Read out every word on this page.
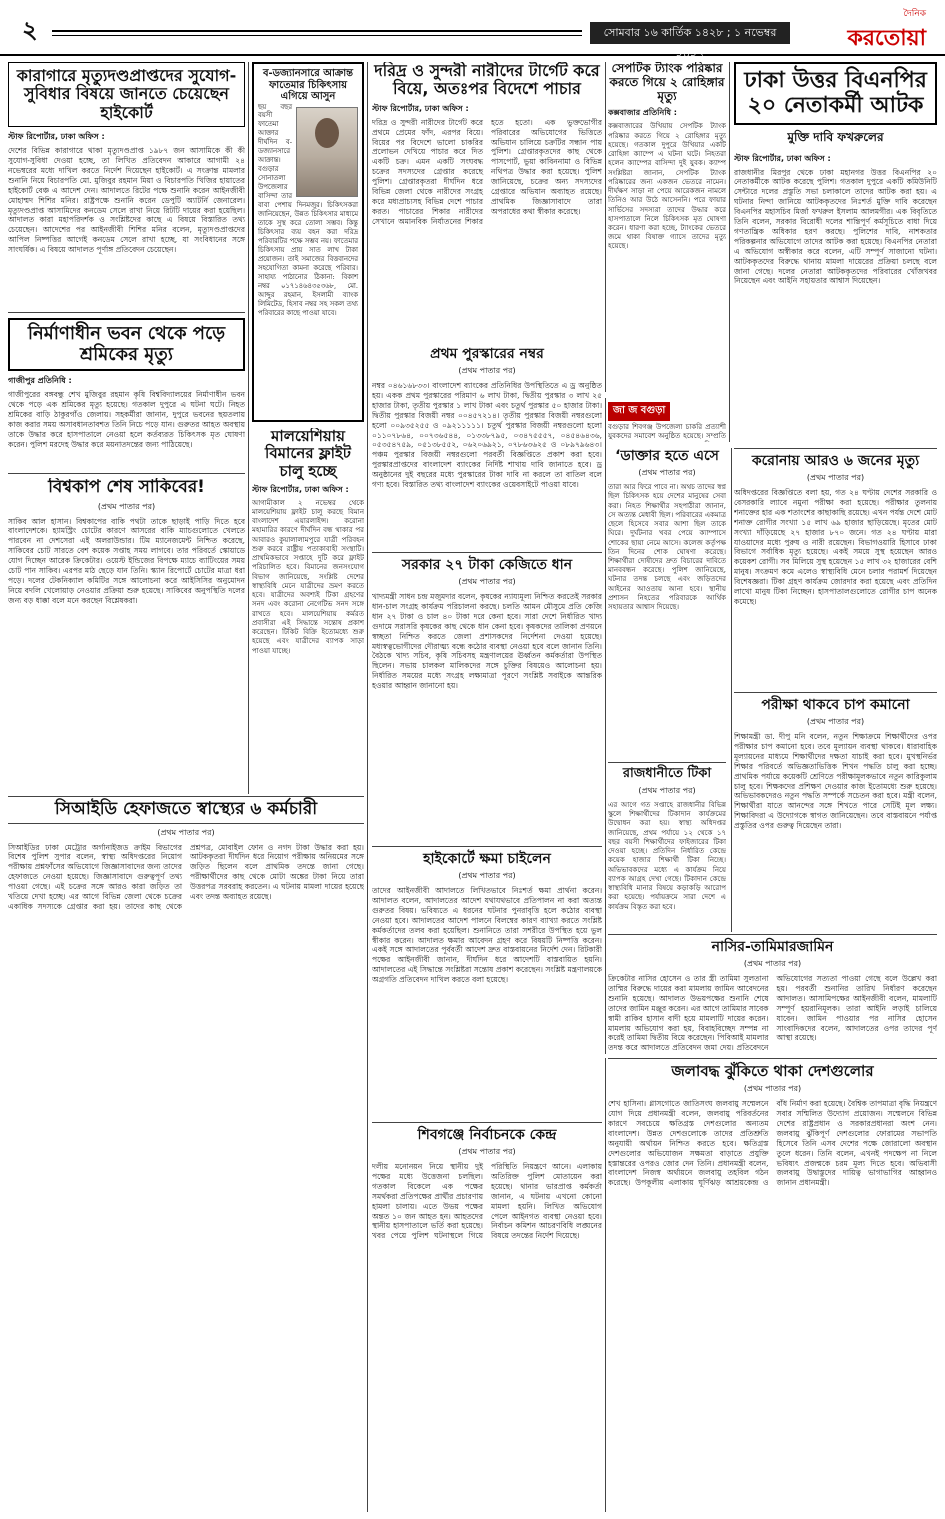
২	সোমবার ১৬ কার্তিক ১৪২৮ ; ১ নভেম্বর ২০২১
দৈনিক
করতোয়া
কারাগারে মৃত্যুদণ্ডপ্রাপ্তদের সুযোগ-সুবিধার বিষয়ে জানতে চেয়েছেন হাইকোর্ট
স্টাফ রিপোর্টার, ঢাকা অফিস :
দেশের বিভিন্ন কারাগারে থাকা মৃত্যুদণ্ডপ্রাপ্ত ১৯৮৭ জন আসামিকে কী কী সুযোগ-সুবিধা দেওয়া হচ্ছে, তা লিখিত প্রতিবেদন আকারে আগামী ২৪ নভেম্বরের মধ্যে দাখিল করতে নির্দেশ দিয়েছেন হাইকোর্ট। এ সংক্রান্ত মামলার শুনানি নিয়ে বিচারপতি মো. মুজিবুর রহমান মিয়া ও বিচারপতি খিজির হায়াতের হাইকোর্ট বেঞ্চ এ আদেশ দেন। আদালতে রিটের পক্ষে শুনানি করেন আইনজীবী মোহাম্মদ শিশির মনির। রাষ্ট্রপক্ষে শুনানি করেন ডেপুটি অ্যাটর্নি জেনারেল। মৃত্যুদণ্ডপ্রাপ্ত আসামিদের কনডেম সেলে রাখা নিয়ে রিটটি দায়ের করা হয়েছিল। আদালত কারা মহাপরিদর্শক ও সংশ্লিষ্টদের কাছে এ বিষয়ে বিস্তারিত তথ্য চেয়েছেন। আদেশের পর আইনজীবী শিশির মনির বলেন, মৃত্যুদণ্ডপ্রাপ্তদের আপিল নিষ্পত্তির আগেই কনডেম সেলে রাখা হচ্ছে, যা সংবিধানের সঙ্গে সাংঘর্ষিক। এ বিষয়ে আদালত পূর্ণাঙ্গ প্রতিবেদন চেয়েছেন।
নির্মাণাধীন ভবন থেকে পড়ে শ্রমিকের মৃত্যু
গাজীপুর প্রতিনিধি :
গাজীপুরের বঙ্গবন্ধু শেখ মুজিবুর রহমান কৃষি বিশ্ববিদ্যালয়ের নির্মাণাধীন ভবন থেকে পড়ে এক শ্রমিকের মৃত্যু হয়েছে। গতকাল দুপুরে এ ঘটনা ঘটে। নিহত শ্রমিকের বাড়ি ঠাকুরগাঁও জেলায়। সহকর্মীরা জানান, দুপুরে ভবনের ছয়তলায় কাজ করার সময় অসাবধানতাবশত তিনি নিচে পড়ে যান। গুরুতর আহত অবস্থায় তাকে উদ্ধার করে হাসপাতালে নেওয়া হলে কর্তব্যরত চিকিৎসক মৃত ঘোষণা করেন। পুলিশ মরদেহ উদ্ধার করে ময়নাতদন্তের জন্য পাঠিয়েছে।
বিশ্বকাপ শেষ সাকিবের!
(প্রথম পাতার পর)
সাকিব আল হাসান। বিশ্বকাপের বাকি পথটা তাকে ছাড়াই পাড়ি দিতে হবে বাংলাদেশকে। হ্যামস্ট্রিং চোটের কারণে আসরের বাকি ম্যাচগুলোতে খেলতে পারবেন না দেশসেরা এই অলরাউন্ডার। টিম ম্যানেজমেন্ট নিশ্চিত করেছে, সাকিবের চোট সারতে বেশ কয়েক সপ্তাহ সময় লাগবে। তার পরিবর্তে স্কোয়াডে যোগ দিচ্ছেন আরেক ক্রিকেটার। ওয়েস্ট ইন্ডিজের বিপক্ষে ম্যাচে ব্যাটিংয়ের সময় চোট পান সাকিব। এরপর মাঠ ছেড়ে যান তিনি। স্ক্যান রিপোর্টে চোটের মাত্রা ধরা পড়ে। দলের টেকনিক্যাল কমিটির সঙ্গে আলোচনা করে আইসিসির অনুমোদন নিয়ে বদলি খেলোয়াড় নেওয়ার প্রক্রিয়া শুরু হয়েছে। সাকিবের অনুপস্থিতি দলের জন্য বড় ধাক্কা বলে মনে করছেন বিশ্লেষকরা।
সিআইডি হেফাজতে স্বাস্থ্যের ৬ কর্মচারী
(প্রথম পাতার পর)
সিআইডির ঢাকা মেট্রোর অর্গানাইজড ক্রাইম বিভাগের বিশেষ পুলিশ সুপার বলেন, স্বাস্থ্য অধিদপ্তরের নিয়োগ পরীক্ষায় প্রশ্নফাঁসের অভিযোগে জিজ্ঞাসাবাদের জন্য তাদের হেফাজতে নেওয়া হয়েছে। জিজ্ঞাসাবাদে গুরুত্বপূর্ণ তথ্য পাওয়া গেছে। এই চক্রের সঙ্গে আরও কারা জড়িত তা খতিয়ে দেখা হচ্ছে। এর আগে বিভিন্ন জেলা থেকে চক্রের একাধিক সদস্যকে গ্রেপ্তার করা হয়। তাদের কাছ থেকে প্রশ্নপত্র, মোবাইল ফোন ও নগদ টাকা উদ্ধার করা হয়। আটককৃতরা দীর্ঘদিন ধরে নিয়োগ পরীক্ষায় অনিয়মের সঙ্গে জড়িত ছিলেন বলে প্রাথমিক তদন্তে জানা গেছে। পরীক্ষার্থীদের কাছ থেকে মোটা অঙ্কের টাকা নিয়ে তারা উত্তরপত্র সরবরাহ করতেন। এ ঘটনায় মামলা দায়ের হয়েছে এবং তদন্ত অব্যাহত রয়েছে।
ব-ডজ্যানসারে আক্রান্ত ফাতেমার চিকিৎসায় এগিয়ে আসুন
ছয় বছর বয়সী ফাতেমা আক্তার দীর্ঘদিন ব-ডজ্যানসারে আক্রান্ত। বগুড়ার সোনাতলা উপজেলার বাসিন্দা তার বাবা পেশায় দিনমজুর। চিকিৎসকরা জানিয়েছেন, উন্নত চিকিৎসার মাধ্যমে তাকে সুস্থ করে তোলা সম্ভব। কিন্তু চিকিৎসার ব্যয় বহন করা দরিদ্র পরিবারটির পক্ষে সম্ভব নয়। ফাতেমার চিকিৎসায় প্রায় সাত লাখ টাকা প্রয়োজন। তাই সমাজের বিত্তবানদের সহযোগিতা কামনা করেছে পরিবার। সাহায্য পাঠানোর ঠিকানা: বিকাশ নম্বর ০১৭১৪৬৪৩৫৩৬৮, মো. আব্দুর রহমান, ইসলামী ব্যাংক লিমিটেড, হিসাব নম্বর সহ সকল তথ্য পরিবারের কাছে পাওয়া যাবে।
মালয়েশিয়ায় বিমানের ফ্লাইট চালু হচ্ছে
স্টাফ রিপোর্টার, ঢাকা অফিস :
আগামীকাল ২ নভেম্বর থেকে মালয়েশিয়ায় ফ্লাইট চালু করছে বিমান বাংলাদেশ এয়ারলাইন্স। করোনা মহামারির কারণে দীর্ঘদিন বন্ধ থাকার পর আবারও কুয়ালালামপুরে যাত্রী পরিবহন শুরু করবে রাষ্ট্রীয় পতাকাবাহী সংস্থাটি। প্রাথমিকভাবে সপ্তাহে দুটি করে ফ্লাইট পরিচালিত হবে। বিমানের জনসংযোগ বিভাগ জানিয়েছে, সংশ্লিষ্ট দেশের স্বাস্থ্যবিধি মেনে যাত্রীদের ভ্রমণ করতে হবে। যাত্রীদের অবশ্যই টিকা গ্রহণের সনদ এবং করোনা নেগেটিভ সনদ সঙ্গে রাখতে হবে। মালয়েশিয়ায় কর্মরত প্রবাসীরা এই সিদ্ধান্তে সন্তোষ প্রকাশ করেছেন। টিকিট বিক্রি ইতোমধ্যে শুরু হয়েছে এবং যাত্রীদের ব্যাপক সাড়া পাওয়া যাচ্ছে।
দরিদ্র ও সুন্দরী নারীদের টার্গেট করে বিয়ে, অতঃপর বিদেশে পাচার
স্টাফ রিপোর্টার, ঢাকা অফিস :
দরিদ্র ও সুন্দরী নারীদের টার্গেট করে প্রথমে প্রেমের ফাঁদ, এরপর বিয়ে। বিয়ের পর বিদেশে ভালো চাকরির প্রলোভন দেখিয়ে পাচার করে দিত একটি চক্র। এমন একটি সংঘবদ্ধ চক্রের সদস্যদের গ্রেপ্তার করেছে পুলিশ। গ্রেপ্তারকৃতরা দীর্ঘদিন ধরে বিভিন্ন জেলা থেকে নারীদের সংগ্রহ করে মধ্যপ্রাচ্যসহ বিভিন্ন দেশে পাচার করত। পাচারের শিকার নারীদের সেখানে অমানবিক নির্যাতনের শিকার হতে হতো। এক ভুক্তভোগীর পরিবারের অভিযোগের ভিত্তিতে অভিযান চালিয়ে চক্রটির সন্ধান পায় পুলিশ। গ্রেপ্তারকৃতদের কাছ থেকে পাসপোর্ট, ভুয়া কাবিননামা ও বিভিন্ন নথিপত্র উদ্ধার করা হয়েছে। পুলিশ জানিয়েছে, চক্রের অন্য সদস্যদের গ্রেপ্তারে অভিযান অব্যাহত রয়েছে। প্রাথমিক জিজ্ঞাসাবাদে তারা অপরাধের কথা স্বীকার করেছে।
সেপটিক ট্যাংক পরিষ্কার করতে গিয়ে ২ রোহিঙ্গার মৃত্যু
কক্সবাজার প্রতিনিধি :
কক্সবাজারের উখিয়ায় সেপটিক ট্যাংক পরিষ্কার করতে গিয়ে ২ রোহিঙ্গার মৃত্যু হয়েছে। গতকাল দুপুরে উখিয়ার একটি রোহিঙ্গা ক্যাম্পে এ ঘটনা ঘটে। নিহতরা হলেন ক্যাম্পের বাসিন্দা দুই যুবক। ক্যাম্প সংশ্লিষ্টরা জানান, সেপটিক ট্যাংক পরিষ্কারের জন্য একজন ভেতরে নামেন। দীর্ঘক্ষণ সাড়া না পেয়ে আরেকজন নামলে তিনিও আর উঠে আসেননি। পরে ফায়ার সার্ভিসের সদস্যরা তাদের উদ্ধার করে হাসপাতালে নিলে চিকিৎসক মৃত ঘোষণা করেন। ধারণা করা হচ্ছে, ট্যাংকের ভেতরে জমে থাকা বিষাক্ত গ্যাসে তাদের মৃত্যু হয়েছে।
প্রথম পুরস্কারের নম্বর
(প্রথম পাতার পর)
নম্বর ০৪৬১৬৮৩৩। বাংলাদেশ ব্যাংকের প্রতিনিধির উপস্থিতিতে এ ড্র অনুষ্ঠিত হয়। একক প্রথম পুরস্কারের পরিমাণ ৬ লাখ টাকা, দ্বিতীয় পুরস্কার ৩ লাখ ২৫ হাজার টাকা, তৃতীয় পুরস্কার ১ লাখ টাকা এবং চতুর্থ পুরস্কার ৫০ হাজার টাকা। দ্বিতীয় পুরস্কার বিজয়ী নম্বর ০০৪৫৭২১৪। তৃতীয় পুরস্কার বিজয়ী নম্বরগুলো হলো ০০৯৩৫২৫৫ ও ০৯২১১১১১। চতুর্থ পুরস্কার বিজয়ী নম্বরগুলো হলো ০১১০৭৮৬৪, ০০৭৩৬৫৪৪, ০১৩৩৮৭৯৫, ০৩৪৭৫৫৫৭, ০৪৫৪৬৪৩৬, ০৫৩৫৪৭৫৯, ০৫১৩৮৫৫২, ০৬২০৬৯২১, ০৭৮৬৩৬২৫ ও ০৮৯৭৯৬৪৩। পঞ্চম পুরস্কার বিজয়ী নম্বরগুলো পরবর্তী বিজ্ঞপ্তিতে প্রকাশ করা হবে। পুরস্কারপ্রাপ্তদের বাংলাদেশ ব্যাংকের নির্দিষ্ট শাখায় দাবি জানাতে হবে। ড্র অনুষ্ঠানের দুই বছরের মধ্যে পুরস্কারের টাকা দাবি না করলে তা বাতিল বলে গণ্য হবে। বিস্তারিত তথ্য বাংলাদেশ ব্যাংকের ওয়েবসাইটে পাওয়া যাবে।
জা জ বগুড়া
বগুড়ার শিবগঞ্জ উপজেলা চাকরি প্রত্যাশী যুবকদের সমাবেশ অনুষ্ঠিত হয়েছে। সম্প্রতি
সরকার ২৭ টাকা কেজিতে ধান
(প্রথম পাতার পর)
খাদ্যমন্ত্রী সাধন চন্দ্র মজুমদার বলেন, কৃষকের ন্যায্যমূল্য নিশ্চিত করতেই সরকার ধান-চাল সংগ্রহ কার্যক্রম পরিচালনা করছে। চলতি আমন মৌসুমে প্রতি কেজি ধান ২৭ টাকা ও চাল ৪০ টাকা দরে কেনা হবে। সারা দেশে নির্ধারিত খাদ্য গুদামে সরাসরি কৃষকের কাছ থেকে ধান কেনা হবে। কৃষকদের তালিকা প্রণয়নে স্বচ্ছতা নিশ্চিত করতে জেলা প্রশাসকদের নির্দেশনা দেওয়া হয়েছে। মধ্যস্বত্বভোগীদের দৌরাত্ম্য বন্ধে কঠোর ব্যবস্থা নেওয়া হবে বলে জানান তিনি। বৈঠকে খাদ্য সচিব, কৃষি সচিবসহ মন্ত্রণালয়ের ঊর্ধ্বতন কর্মকর্তারা উপস্থিত ছিলেন। সভায় চালকল মালিকদের সঙ্গে চুক্তির বিষয়েও আলোচনা হয়। নির্ধারিত সময়ের মধ্যে সংগ্রহ লক্ষ্যমাত্রা পূরণে সংশ্লিষ্ট সবাইকে আন্তরিক হওয়ার আহ্বান জানানো হয়।
‘ডাক্তার হতে এসে
(প্রথম পাতার পর)
তারা আর ফিরে পাবে না। অথচ তাদের স্বপ্ন ছিল চিকিৎসক হয়ে দেশের মানুষের সেবা করা। নিহত শিক্ষার্থীর সহপাঠীরা জানান, সে অত্যন্ত মেধাবী ছিল। পরিবারের একমাত্র ছেলে হিসেবে সবার আশা ছিল তাকে ঘিরে। দুর্ঘটনার খবর পেয়ে ক্যাম্পাসে শোকের ছায়া নেমে আসে। কলেজ কর্তৃপক্ষ তিন দিনের শোক ঘোষণা করেছে। শিক্ষার্থীরা দোষীদের দ্রুত বিচারের দাবিতে মানববন্ধন করেছে। পুলিশ জানিয়েছে, ঘটনার তদন্ত চলছে এবং জড়িতদের আইনের আওতায় আনা হবে। স্থানীয় প্রশাসন নিহতের পরিবারকে আর্থিক সহায়তার আশ্বাস দিয়েছে।
রাজধানীতে টিকা
(প্রথম পাতার পর)
এর আগে গত সপ্তাহে রাজধানীর বিভিন্ন স্কুলে শিক্ষার্থীদের টিকাদান কার্যক্রমের উদ্বোধন করা হয়। স্বাস্থ্য অধিদপ্তর জানিয়েছে, প্রথম পর্যায়ে ১২ থেকে ১৭ বছর বয়সী শিক্ষার্থীদের ফাইজারের টিকা দেওয়া হচ্ছে। প্রতিদিন নির্ধারিত কেন্দ্রে কয়েক হাজার শিক্ষার্থী টিকা নিচ্ছে। অভিভাবকদের মধ্যে এ কার্যক্রম নিয়ে ব্যাপক আগ্রহ দেখা গেছে। টিকাদান কেন্দ্রে স্বাস্থ্যবিধি মানার বিষয়ে কড়াকড়ি আরোপ করা হয়েছে। পর্যায়ক্রমে সারা দেশে এ কার্যক্রম বিস্তৃত করা হবে।
হাইকোর্টে ক্ষমা চাইলেন
(প্রথম পাতার পর)
তাদের আইনজীবী আদালতে লিখিতভাবে নিঃশর্ত ক্ষমা প্রার্থনা করেন। আদালত বলেন, আদালতের আদেশ যথাযথভাবে প্রতিপালন না করা অত্যন্ত গুরুতর বিষয়। ভবিষ্যতে এ ধরনের ঘটনার পুনরাবৃত্তি হলে কঠোর ব্যবস্থা নেওয়া হবে। আদালতের আদেশ পালনে বিলম্বের কারণ ব্যাখ্যা করতে সংশ্লিষ্ট কর্মকর্তাদের তলব করা হয়েছিল। শুনানিতে তারা সশরীরে উপস্থিত হয়ে ভুল স্বীকার করেন। আদালত ক্ষমার আবেদন গ্রহণ করে বিষয়টি নিষ্পত্তি করেন। একই সঙ্গে আদালতের পূর্ববর্তী আদেশ দ্রুত বাস্তবায়নের নির্দেশ দেন। রিটকারী পক্ষের আইনজীবী জানান, দীর্ঘদিন ধরে আদেশটি বাস্তবায়িত হয়নি। আদালতের এই সিদ্ধান্তে সংশ্লিষ্টরা সন্তোষ প্রকাশ করেছেন। সংশ্লিষ্ট মন্ত্রণালয়কে অগ্রগতি প্রতিবেদন দাখিল করতে বলা হয়েছে।
শিবগঞ্জে নির্বাচনকে কেন্দ্র
(প্রথম পাতার পর)
দলীয় মনোনয়ন নিয়ে স্থানীয় দুই পক্ষের মধ্যে উত্তেজনা চলছিল। গতকাল বিকেলে এক পক্ষের সমর্থকরা প্রতিপক্ষের প্রার্থীর প্রচারণায় হামলা চালায়। এতে উভয় পক্ষের অন্তত ১০ জন আহত হন। আহতদের স্থানীয় হাসপাতালে ভর্তি করা হয়েছে। খবর পেয়ে পুলিশ ঘটনাস্থলে গিয়ে পরিস্থিতি নিয়ন্ত্রণে আনে। এলাকায় অতিরিক্ত পুলিশ মোতায়েন করা হয়েছে। থানার ভারপ্রাপ্ত কর্মকর্তা জানান, এ ঘটনায় এখনো কোনো মামলা হয়নি। লিখিত অভিযোগ পেলে আইনগত ব্যবস্থা নেওয়া হবে। নির্বাচন কমিশন আচরণবিধি লঙ্ঘনের বিষয়ে তদন্তের নির্দেশ দিয়েছে।
ঢাকা উত্তর বিএনপির ২০ নেতাকর্মী আটক
মুক্তি দাবি ফখরুলের
স্টাফ রিপোর্টার, ঢাকা অফিস :
রাজধানীর মিরপুর থেকে ঢাকা মহানগর উত্তর বিএনপির ২০ নেতাকর্মীকে আটক করেছে পুলিশ। গতকাল দুপুরে একটি কমিউনিটি সেন্টারে দলের প্রস্তুতি সভা চলাকালে তাদের আটক করা হয়। এ ঘটনার নিন্দা জানিয়ে আটককৃতদের নিঃশর্ত মুক্তি দাবি করেছেন বিএনপির মহাসচিব মির্জা ফখরুল ইসলাম আলমগীর। এক বিবৃতিতে তিনি বলেন, সরকার বিরোধী দলের শান্তিপূর্ণ কর্মসূচিতে বাধা দিয়ে গণতান্ত্রিক অধিকার হরণ করছে। পুলিশের দাবি, নাশকতার পরিকল্পনার অভিযোগে তাদের আটক করা হয়েছে। বিএনপির নেতারা এ অভিযোগ অস্বীকার করে বলেন, এটি সম্পূর্ণ সাজানো ঘটনা। আটককৃতদের বিরুদ্ধে থানায় মামলা দায়েরের প্রক্রিয়া চলছে বলে জানা গেছে। দলের নেতারা আটককৃতদের পরিবারের খোঁজখবর নিয়েছেন এবং আইনি সহায়তার আশ্বাস দিয়েছেন।
করোনায় আরও ৬ জনের মৃত্যু
(প্রথম পাতার পর)
অধিদপ্তরের বিজ্ঞপ্তিতে বলা হয়, গত ২৪ ঘণ্টায় দেশের সরকারি ও বেসরকারি ল্যাবে নমুনা পরীক্ষা করা হয়েছে। পরীক্ষার তুলনায় শনাক্তের হার এক শতাংশের কাছাকাছি রয়েছে। এখন পর্যন্ত দেশে মোট শনাক্ত রোগীর সংখ্যা ১৫ লাখ ৬৯ হাজার ছাড়িয়েছে। মৃতের মোট সংখ্যা দাঁড়িয়েছে ২৭ হাজার ৮৭০ জনে। গত ২৪ ঘণ্টায় মারা যাওয়াদের মধ্যে পুরুষ ও নারী রয়েছেন। বিভাগওয়ারি হিসাবে ঢাকা বিভাগে সর্বাধিক মৃত্যু হয়েছে। একই সময়ে সুস্থ হয়েছেন আরও কয়েকশ রোগী। সব মিলিয়ে সুস্থ হয়েছেন ১৫ লাখ ৩২ হাজারের বেশি মানুষ। সংক্রমণ কমে এলেও স্বাস্থ্যবিধি মেনে চলার পরামর্শ দিয়েছেন বিশেষজ্ঞরা। টিকা গ্রহণ কার্যক্রম জোরদার করা হয়েছে এবং প্রতিদিন লাখো মানুষ টিকা নিচ্ছেন। হাসপাতালগুলোতে রোগীর চাপ অনেক কমেছে।
পরীক্ষা থাকবে চাপ কমানো
(প্রথম পাতার পর)
শিক্ষামন্ত্রী ডা. দীপু মনি বলেন, নতুন শিক্ষাক্রমে শিক্ষার্থীদের ওপর পরীক্ষার চাপ কমানো হবে। তবে মূল্যায়ন ব্যবস্থা থাকবে। ধারাবাহিক মূল্যায়নের মাধ্যমে শিক্ষার্থীদের দক্ষতা যাচাই করা হবে। মুখস্থনির্ভর শিক্ষার পরিবর্তে অভিজ্ঞতাভিত্তিক শিখন পদ্ধতি চালু করা হচ্ছে। প্রাথমিক পর্যায়ে কয়েকটি শ্রেণিতে পরীক্ষামূলকভাবে নতুন কারিকুলাম চালু হবে। শিক্ষকদের প্রশিক্ষণ দেওয়ার কাজ ইতোমধ্যে শুরু হয়েছে। অভিভাবকদেরও নতুন পদ্ধতি সম্পর্কে সচেতন করা হবে। মন্ত্রী বলেন, শিক্ষার্থীরা যাতে আনন্দের সঙ্গে শিখতে পারে সেটিই মূল লক্ষ্য। শিক্ষাবিদরা এ উদ্যোগকে স্বাগত জানিয়েছেন। তবে বাস্তবায়নে পর্যাপ্ত প্রস্তুতির ওপর গুরুত্ব দিয়েছেন তারা।
নাসির-তামিমারজামিন
(প্রথম পাতার পর)
ক্রিকেটার নাসির হোসেন ও তার স্ত্রী তামিমা সুলতানা তাম্মির বিরুদ্ধে দায়ের করা মামলায় জামিন আবেদনের শুনানি হয়েছে। আদালত উভয়পক্ষের শুনানি শেষে তাদের জামিন মঞ্জুর করেন। এর আগে তামিমার সাবেক স্বামী রাকিব হাসান বাদী হয়ে মামলাটি দায়ের করেন। মামলায় অভিযোগ করা হয়, বিবাহবিচ্ছেদ সম্পন্ন না করেই তামিমা দ্বিতীয় বিয়ে করেছেন। পিবিআই মামলার তদন্ত করে আদালতে প্রতিবেদন জমা দেয়। প্রতিবেদনে অভিযোগের সত্যতা পাওয়া গেছে বলে উল্লেখ করা হয়। পরবর্তী শুনানির তারিখ নির্ধারণ করেছেন আদালত। আসামিপক্ষের আইনজীবী বলেন, মামলাটি সম্পূর্ণ হয়রানিমূলক। তারা আইনি লড়াই চালিয়ে যাবেন। জামিন পাওয়ার পর নাসির হোসেন সাংবাদিকদের বলেন, আদালতের ওপর তাদের পূর্ণ আস্থা রয়েছে।
জলাবদ্ধ ঝুঁকিতে থাকা দেশগুলোর
(প্রথম পাতার পর)
শেখ হাসিনা। গ্লাসগোতে জাতিসংঘ জলবায়ু সম্মেলনে যোগ দিয়ে প্রধানমন্ত্রী বলেন, জলবায়ু পরিবর্তনের কারণে সবচেয়ে ক্ষতিগ্রস্ত দেশগুলোর অন্যতম বাংলাদেশ। উন্নত দেশগুলোকে তাদের প্রতিশ্রুতি অনুযায়ী অর্থায়ন নিশ্চিত করতে হবে। ক্ষতিগ্রস্ত দেশগুলোর অভিযোজন সক্ষমতা বাড়াতে প্রযুক্তি হস্তান্তরের ওপরও জোর দেন তিনি। প্রধানমন্ত্রী বলেন, বাংলাদেশ নিজস্ব অর্থায়নে জলবায়ু তহবিল গঠন করেছে। উপকূলীয় এলাকায় ঘূর্ণিঝড় আশ্রয়কেন্দ্র ও বাঁধ নির্মাণ করা হয়েছে। বৈশ্বিক তাপমাত্রা বৃদ্ধি নিয়ন্ত্রণে সবার সম্মিলিত উদ্যোগ প্রয়োজন। সম্মেলনে বিভিন্ন দেশের রাষ্ট্রপ্রধান ও সরকারপ্রধানরা অংশ নেন। জলবায়ু ঝুঁকিপূর্ণ দেশগুলোর ফোরামের সভাপতি হিসেবে তিনি এসব দেশের পক্ষে জোরালো অবস্থান তুলে ধরেন। তিনি বলেন, এখনই পদক্ষেপ না নিলে ভবিষ্যৎ প্রজন্মকে চরম মূল্য দিতে হবে। অভিবাসী জলবায়ু উদ্বাস্তুদের দায়িত্ব ভাগাভাগির আহ্বানও জানান প্রধানমন্ত্রী।
